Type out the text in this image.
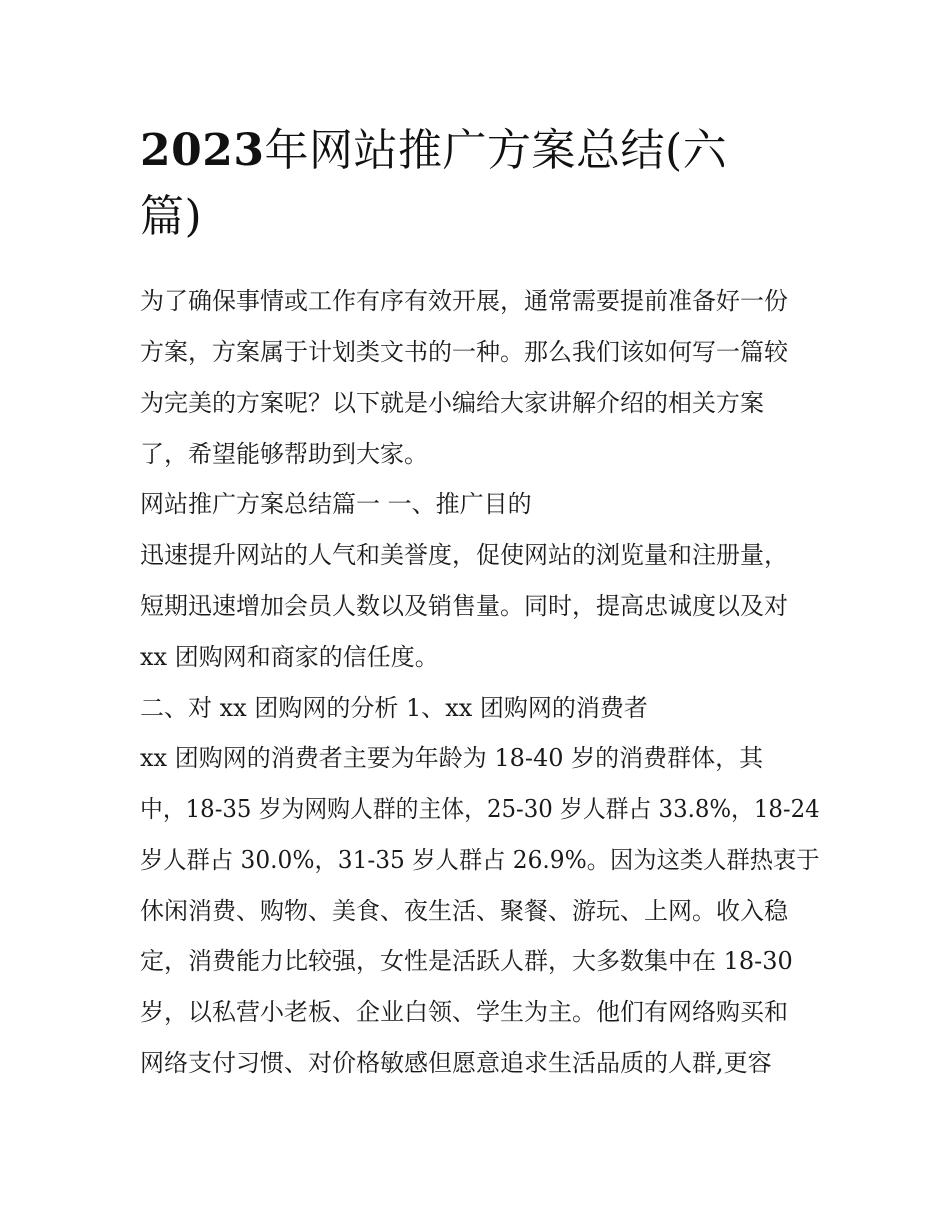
2023年网站推广方案总结(六
篇)
为了确保事情或工作有序有效开展，通常需要提前准备好一份
方案，方案属于计划类文书的一种。那么我们该如何写一篇较
为完美的方案呢？以下就是小编给大家讲解介绍的相关方案
了，希望能够帮助到大家。
网站推广方案总结篇一 一、推广目的
迅速提升网站的人气和美誉度，促使网站的浏览量和注册量，
短期迅速增加会员人数以及销售量。同时，提高忠诚度以及对
xx 团购网和商家的信任度。
二、对 xx 团购网的分析 1、xx 团购网的消费者
xx 团购网的消费者主要为年龄为 18-40 岁的消费群体，其
中，18-35 岁为网购人群的主体，25-30 岁人群占 33.8%，18-24
岁人群占 30.0%，31-35 岁人群占 26.9%。因为这类人群热衷于
休闲消费、购物、美食、夜生活、聚餐、游玩、上网。收入稳
定，消费能力比较强，女性是活跃人群，大多数集中在 18-30
岁，以私营小老板、企业白领、学生为主。他们有网络购买和
网络支付习惯、对价格敏感但愿意追求生活品质的人群,更容
